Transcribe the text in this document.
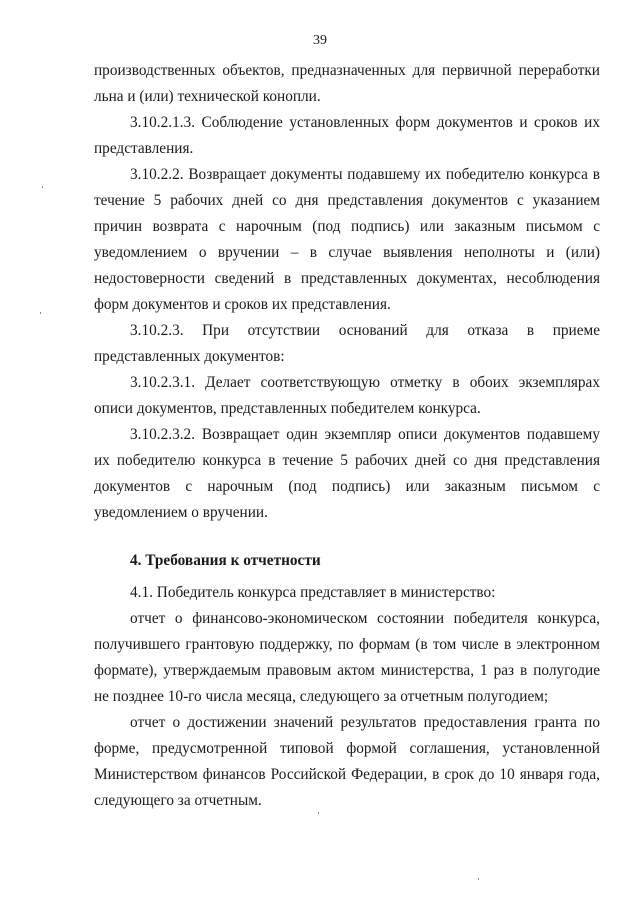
39

производственных объектов, предназначенных для первичной переработки льна и (или) технической конопли.

3.10.2.1.3. Соблюдение установленных форм документов и сроков их представления.

3.10.2.2. Возвращает документы подавшему их победителю конкурса в течение 5 рабочих дней со дня представления документов с указанием причин возврата с нарочным (под подпись) или заказным письмом с уведомлением о вручении – в случае выявления неполноты и (или) недостоверности сведений в представленных документах, несоблюдения форм документов и сроков их представления.

3.10.2.3. При отсутствии оснований для отказа в приеме представленных документов:

3.10.2.3.1. Делает соответствующую отметку в обоих экземплярах описи документов, представленных победителем конкурса.

3.10.2.3.2. Возвращает один экземпляр описи документов подавшему их победителю конкурса в течение 5 рабочих дней со дня представления документов с нарочным (под подпись) или заказным письмом с уведомлением о вручении.

4. Требования к отчетности

4.1. Победитель конкурса представляет в министерство:

отчет о финансово-экономическом состоянии победителя конкурса, получившего грантовую поддержку, по формам (в том числе в электронном формате), утверждаемым правовым актом министерства, 1 раз в полугодие не позднее 10-го числа месяца, следующего за отчетным полугодием;

отчет о достижении значений результатов предоставления гранта по форме, предусмотренной типовой формой соглашения, установленной Министерством финансов Российской Федерации, в срок до 10 января года, следующего за отчетным.
